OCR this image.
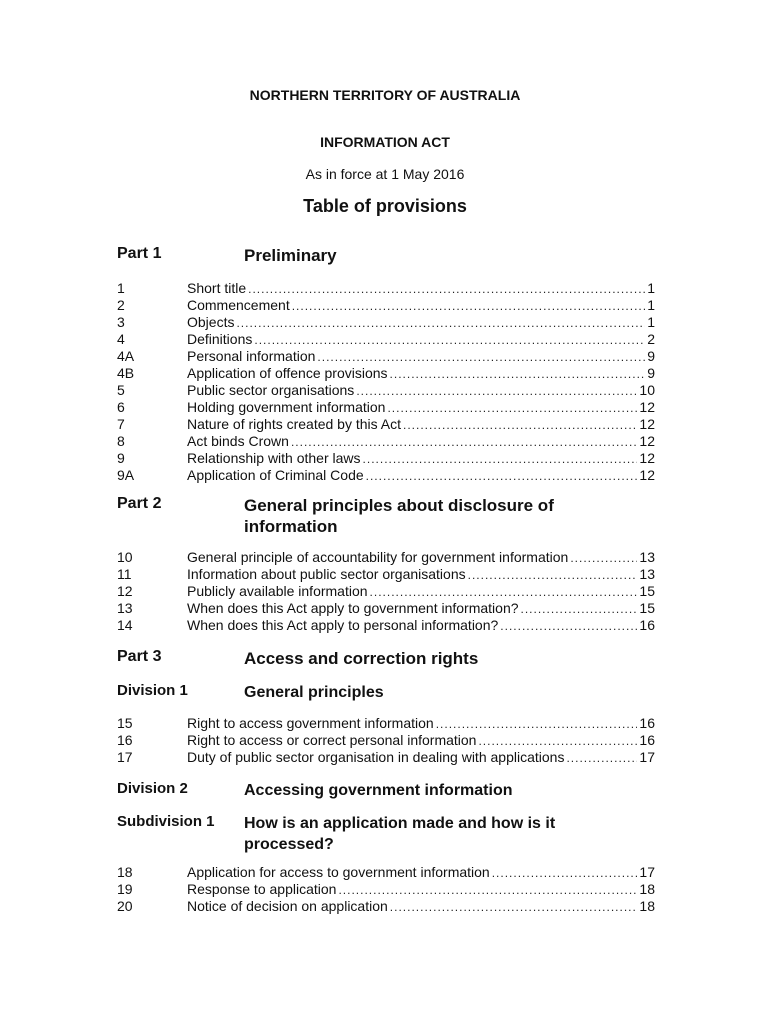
NORTHERN TERRITORY OF AUSTRALIA
INFORMATION ACT
As in force at 1 May 2016
Table of provisions
Part 1	Preliminary
1	Short title .....	1
2	Commencement .....	1
3	Objects .....	1
4	Definitions .....	2
4A	Personal information .....	9
4B	Application of offence provisions .....	9
5	Public sector organisations .....	10
6	Holding government information .....	12
7	Nature of rights created by this Act .....	12
8	Act binds Crown .....	12
9	Relationship with other laws .....	12
9A	Application of Criminal Code .....	12
Part 2	General principles about disclosure of information
10	General principle of accountability for government information .....	13
11	Information about public sector organisations .....	13
12	Publicly available information .....	15
13	When does this Act apply to government information? .....	15
14	When does this Act apply to personal information? .....	16
Part 3	Access and correction rights
Division 1	General principles
15	Right to access government information .....	16
16	Right to access or correct personal information .....	16
17	Duty of public sector organisation in dealing with applications .....	17
Division 2	Accessing government information
Subdivision 1 How is an application made and how is it processed?
18	Application for access to government information .....	17
19	Response to application .....	18
20	Notice of decision on application .....	18
